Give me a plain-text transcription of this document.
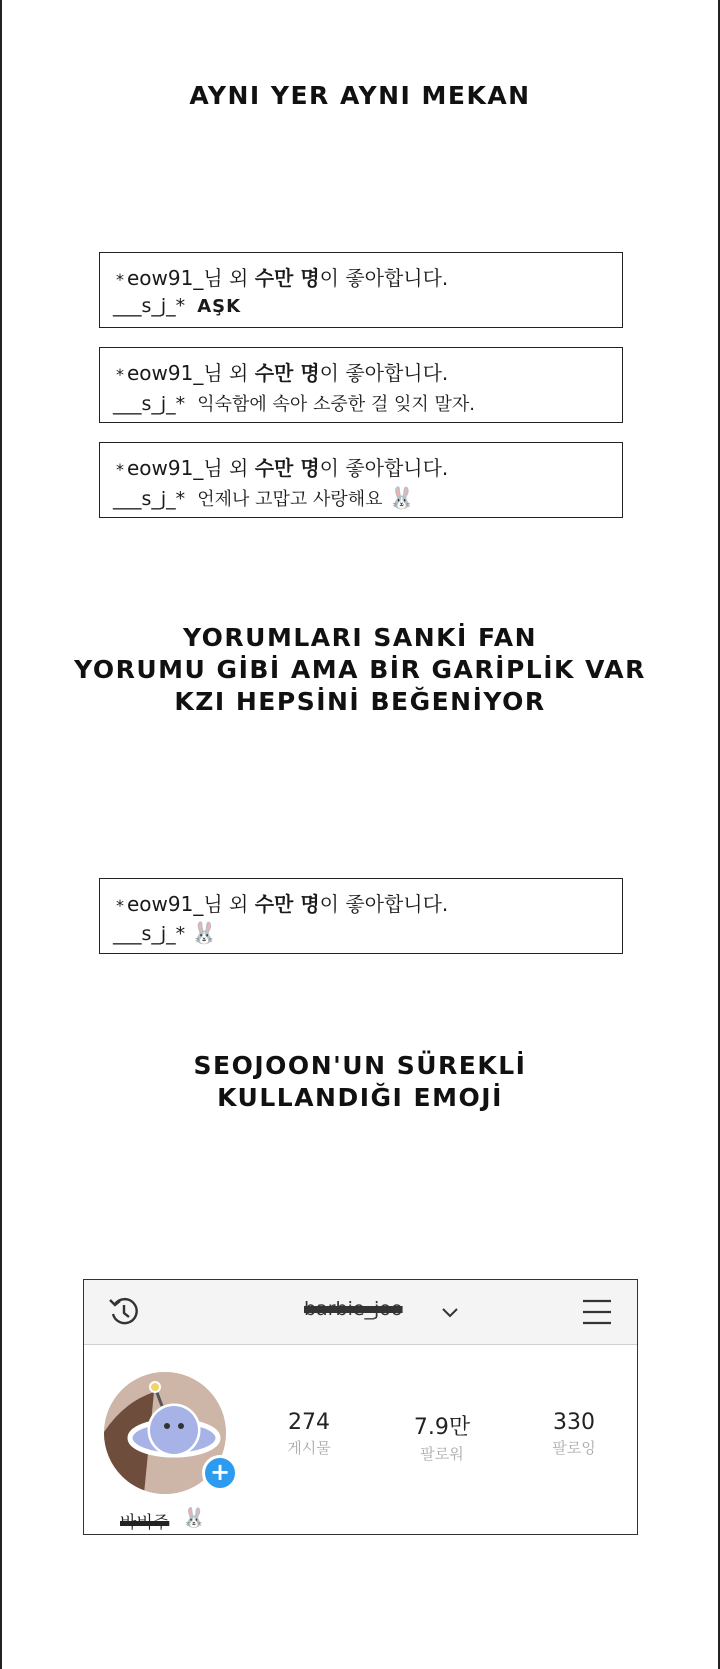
AYNI YER AYNI MEKAN
* eow91_님 외 수만 명이 좋아합니다.
___s_j_* AŞK
* eow91_님 외 수만 명이 좋아합니다.
___s_j_* 익숙함에 속아 소중한 걸 잊지 말자.
* eow91_님 외 수만 명이 좋아합니다.
___s_j_* 언제나 고맙고 사랑해요 🐰
YORUMLARI SANKİ FAN
YORUMU GİBİ AMA BİR GARİPLİK VAR
KZI HEPSİNİ BEĞENİYOR
* eow91_님 외 수만 명이 좋아합니다.
___s_j_* 🐰
SEOJOON'UN SÜREKLİ
KULLANDIĞI EMOJİ
barbie_joo
+
274
게시물
7.9만
팔로워
330
팔로잉
바비주 🐰
